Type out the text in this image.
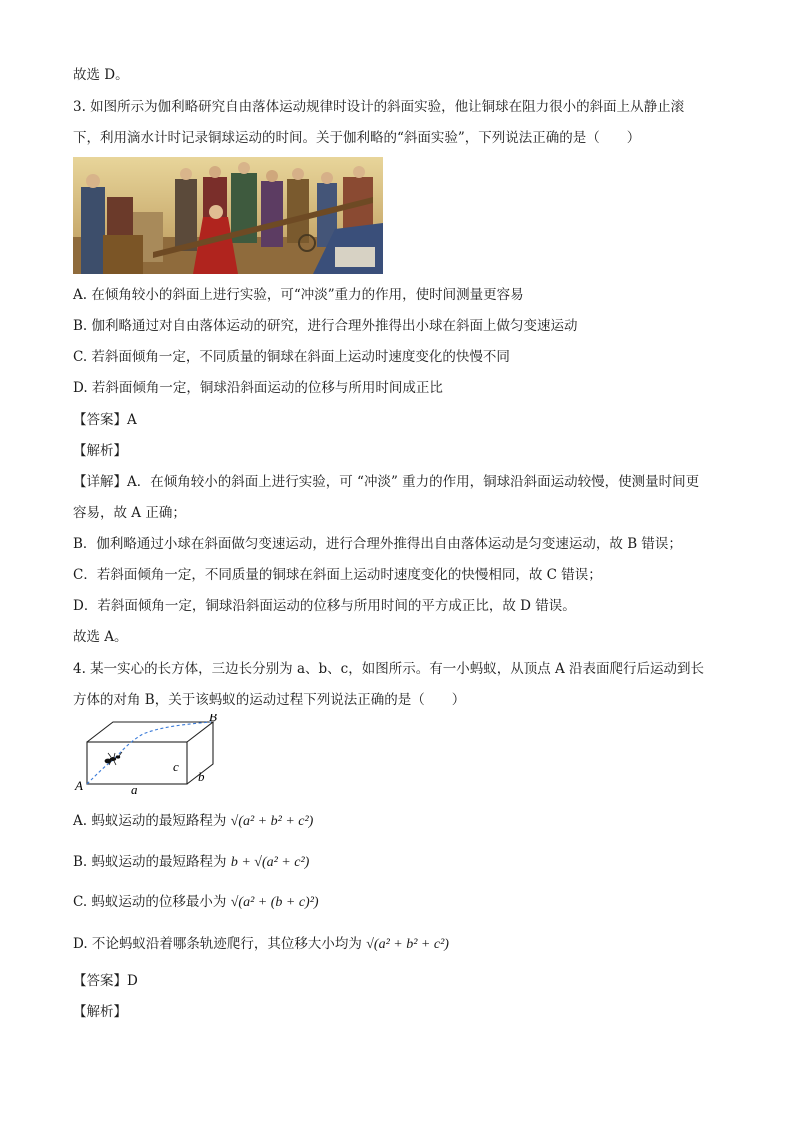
故选 D。
3. 如图所示为伽利略研究自由落体运动规律时设计的斜面实验，他让铜球在阻力很小的斜面上从静止滚
下，利用滴水计时记录铜球运动的时间。关于伽利略的“斜面实验”，下列说法正确的是（　　）
A. 在倾角较小的斜面上进行实验，可“冲淡”重力的作用，使时间测量更容易
B. 伽利略通过对自由落体运动的研究，进行合理外推得出小球在斜面上做匀变速运动
C. 若斜面倾角一定，不同质量的铜球在斜面上运动时速度变化的快慢不同
D. 若斜面倾角一定，铜球沿斜面运动的位移与所用时间成正比
【答案】A
【解析】
【详解】A．在倾角较小的斜面上进行实验，可 “冲淡” 重力的作用，铜球沿斜面运动较慢，使测量时间更
容易，故 A 正确；
B．伽利略通过小球在斜面做匀变速运动，进行合理外推得出自由落体运动是匀变速运动，故 B 错误；
C．若斜面倾角一定，不同质量的铜球在斜面上运动时速度变化的快慢相同，故 C 错误；
D．若斜面倾角一定，铜球沿斜面运动的位移与所用时间的平方成正比，故 D 错误。
故选 A。
4. 某一实心的长方体，三边长分别为 a、b、c，如图所示。有一小蚂蚁，从顶点 A 沿表面爬行后运动到长
方体的对角 B，关于该蚂蚁的运动过程下列说法正确的是（　　）
A
B
a
c
b
A. 蚂蚁运动的最短路程为 √(a² + b² + c²)
B. 蚂蚁运动的最短路程为 b + √(a² + c²)
C. 蚂蚁运动的位移最小为 √(a² + (b + c)²)
D. 不论蚂蚁沿着哪条轨迹爬行，其位移大小均为 √(a² + b² + c²)
【答案】D
【解析】
